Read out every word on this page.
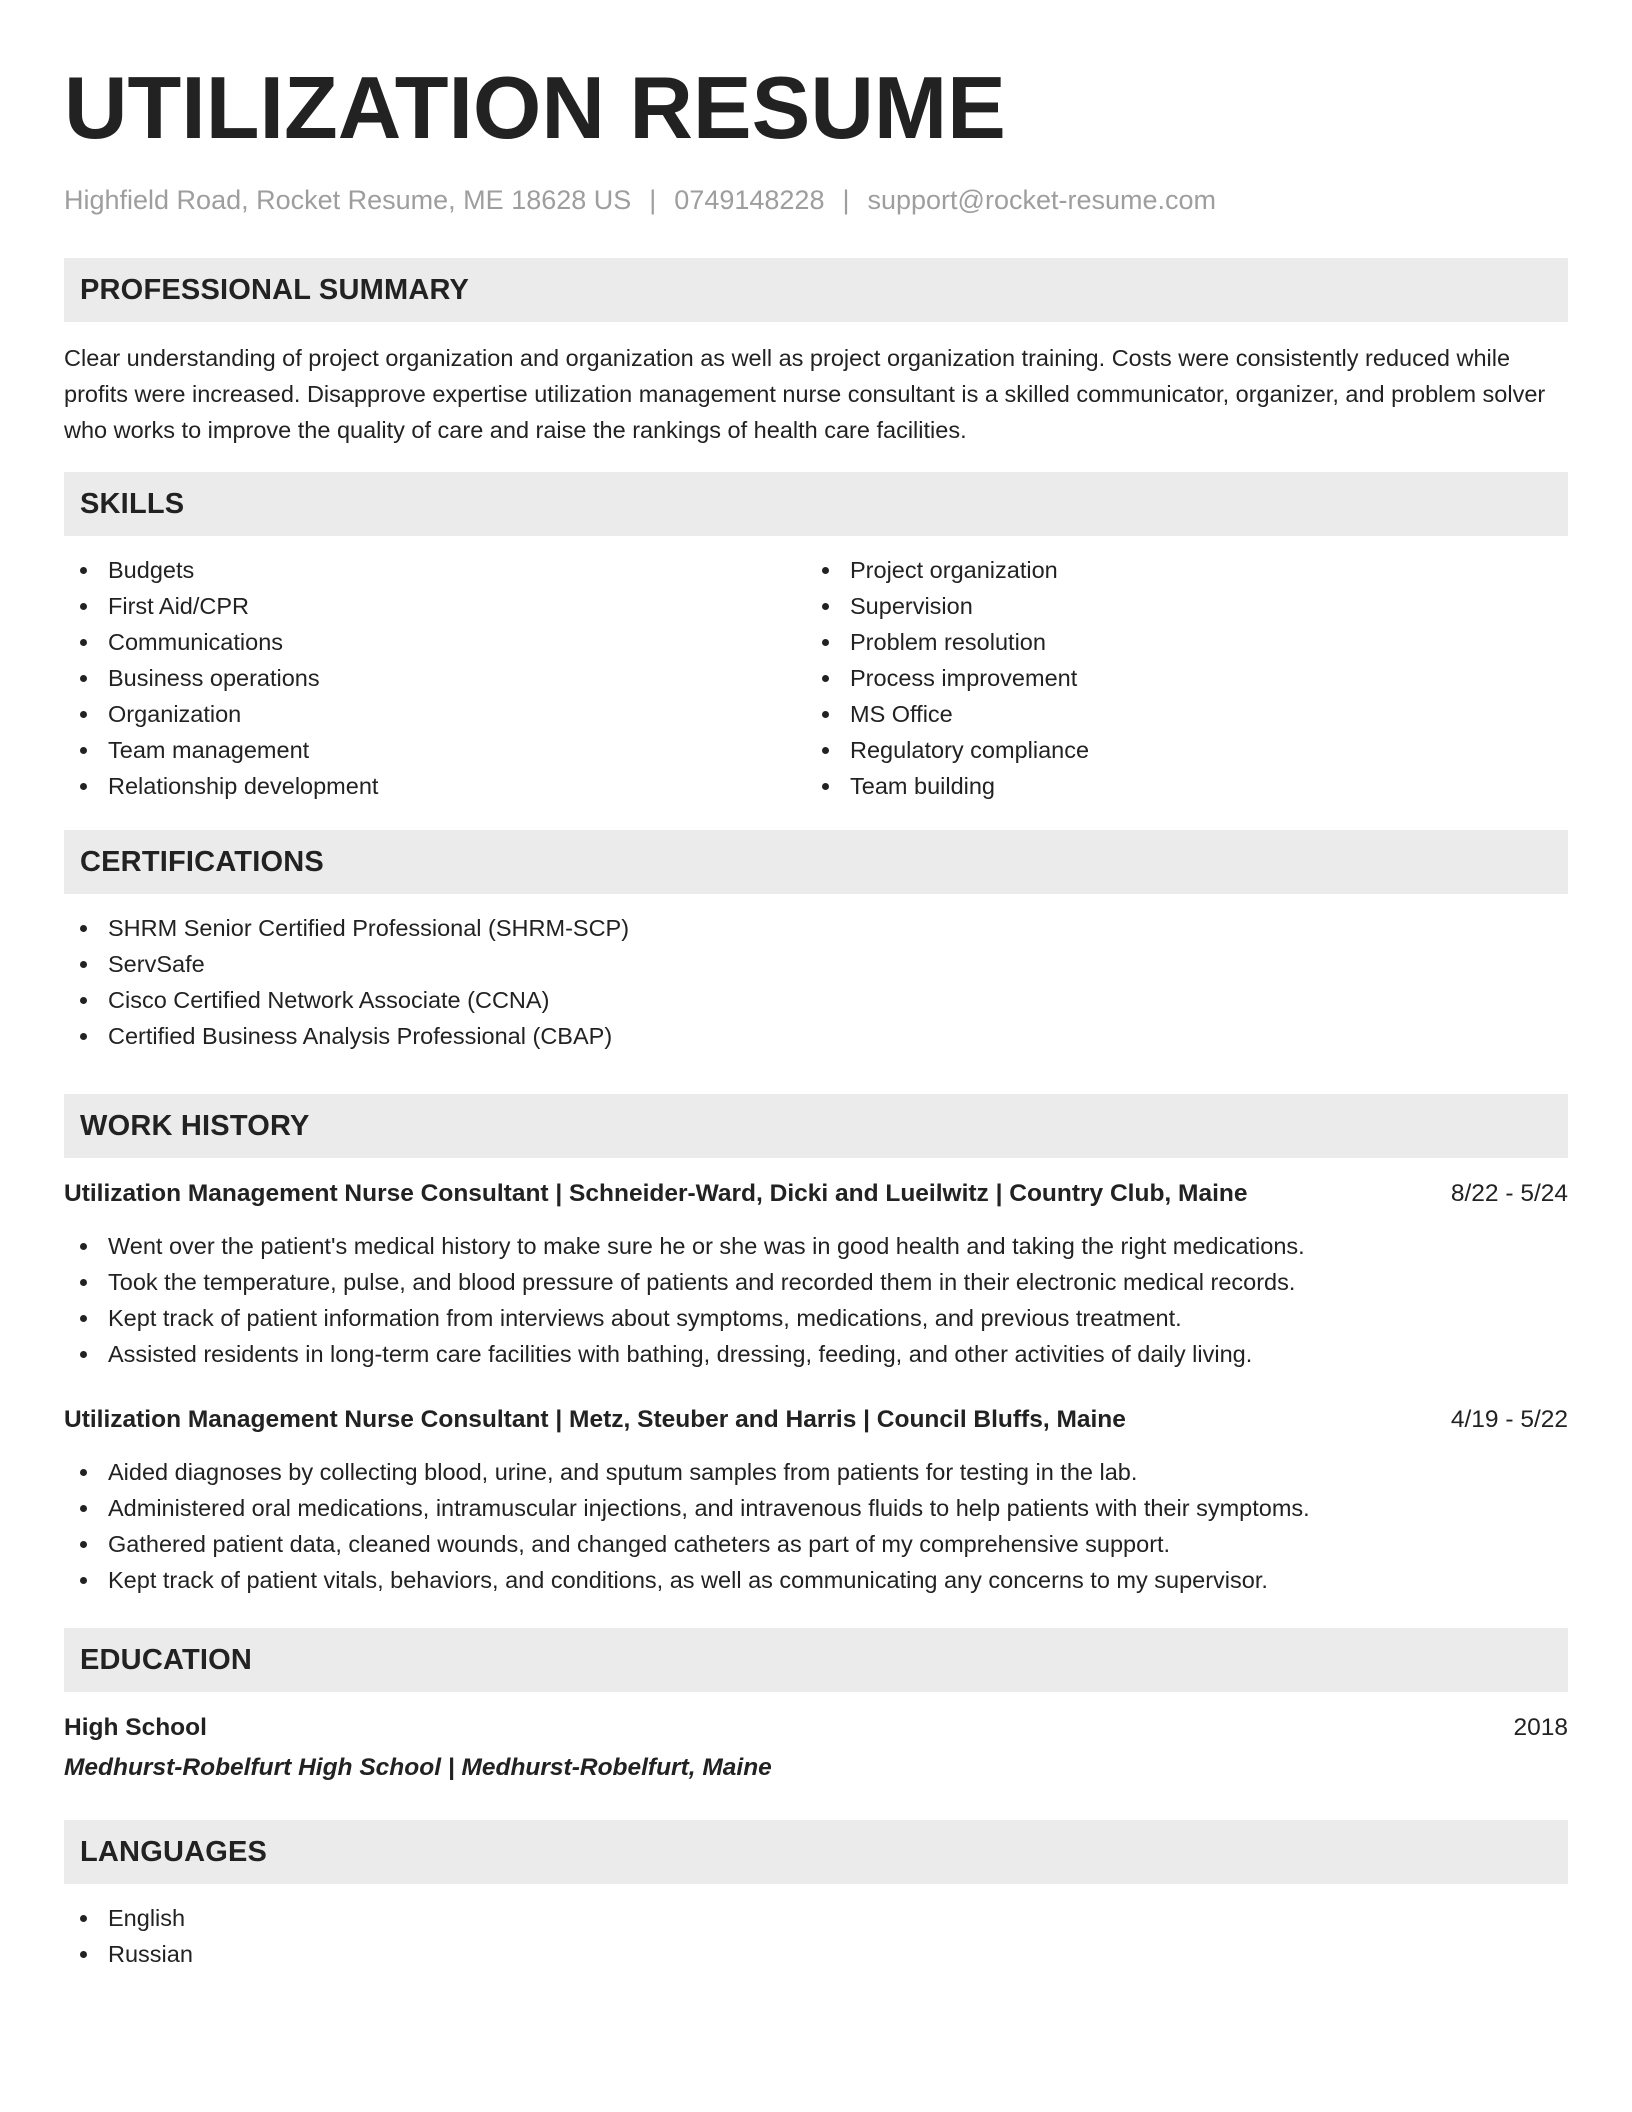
UTILIZATION RESUME
Highfield Road, Rocket Resume, ME 18628 US | 0749148228 | support@rocket-resume.com
PROFESSIONAL SUMMARY
Clear understanding of project organization and organization as well as project organization training. Costs were consistently reduced while profits were increased. Disapprove expertise utilization management nurse consultant is a skilled communicator, organizer, and problem solver who works to improve the quality of care and raise the rankings of health care facilities.
SKILLS
Budgets
First Aid/CPR
Communications
Business operations
Organization
Team management
Relationship development
Project organization
Supervision
Problem resolution
Process improvement
MS Office
Regulatory compliance
Team building
CERTIFICATIONS
SHRM Senior Certified Professional (SHRM-SCP)
ServSafe
Cisco Certified Network Associate (CCNA)
Certified Business Analysis Professional (CBAP)
WORK HISTORY
Utilization Management Nurse Consultant | Schneider-Ward, Dicki and Lueilwitz | Country Club, Maine	8/22 - 5/24
Went over the patient's medical history to make sure he or she was in good health and taking the right medications.
Took the temperature, pulse, and blood pressure of patients and recorded them in their electronic medical records.
Kept track of patient information from interviews about symptoms, medications, and previous treatment.
Assisted residents in long-term care facilities with bathing, dressing, feeding, and other activities of daily living.
Utilization Management Nurse Consultant | Metz, Steuber and Harris | Council Bluffs, Maine	4/19 - 5/22
Aided diagnoses by collecting blood, urine, and sputum samples from patients for testing in the lab.
Administered oral medications, intramuscular injections, and intravenous fluids to help patients with their symptoms.
Gathered patient data, cleaned wounds, and changed catheters as part of my comprehensive support.
Kept track of patient vitals, behaviors, and conditions, as well as communicating any concerns to my supervisor.
EDUCATION
High School	2018
Medhurst-Robelfurt High School | Medhurst-Robelfurt, Maine
LANGUAGES
English
Russian
